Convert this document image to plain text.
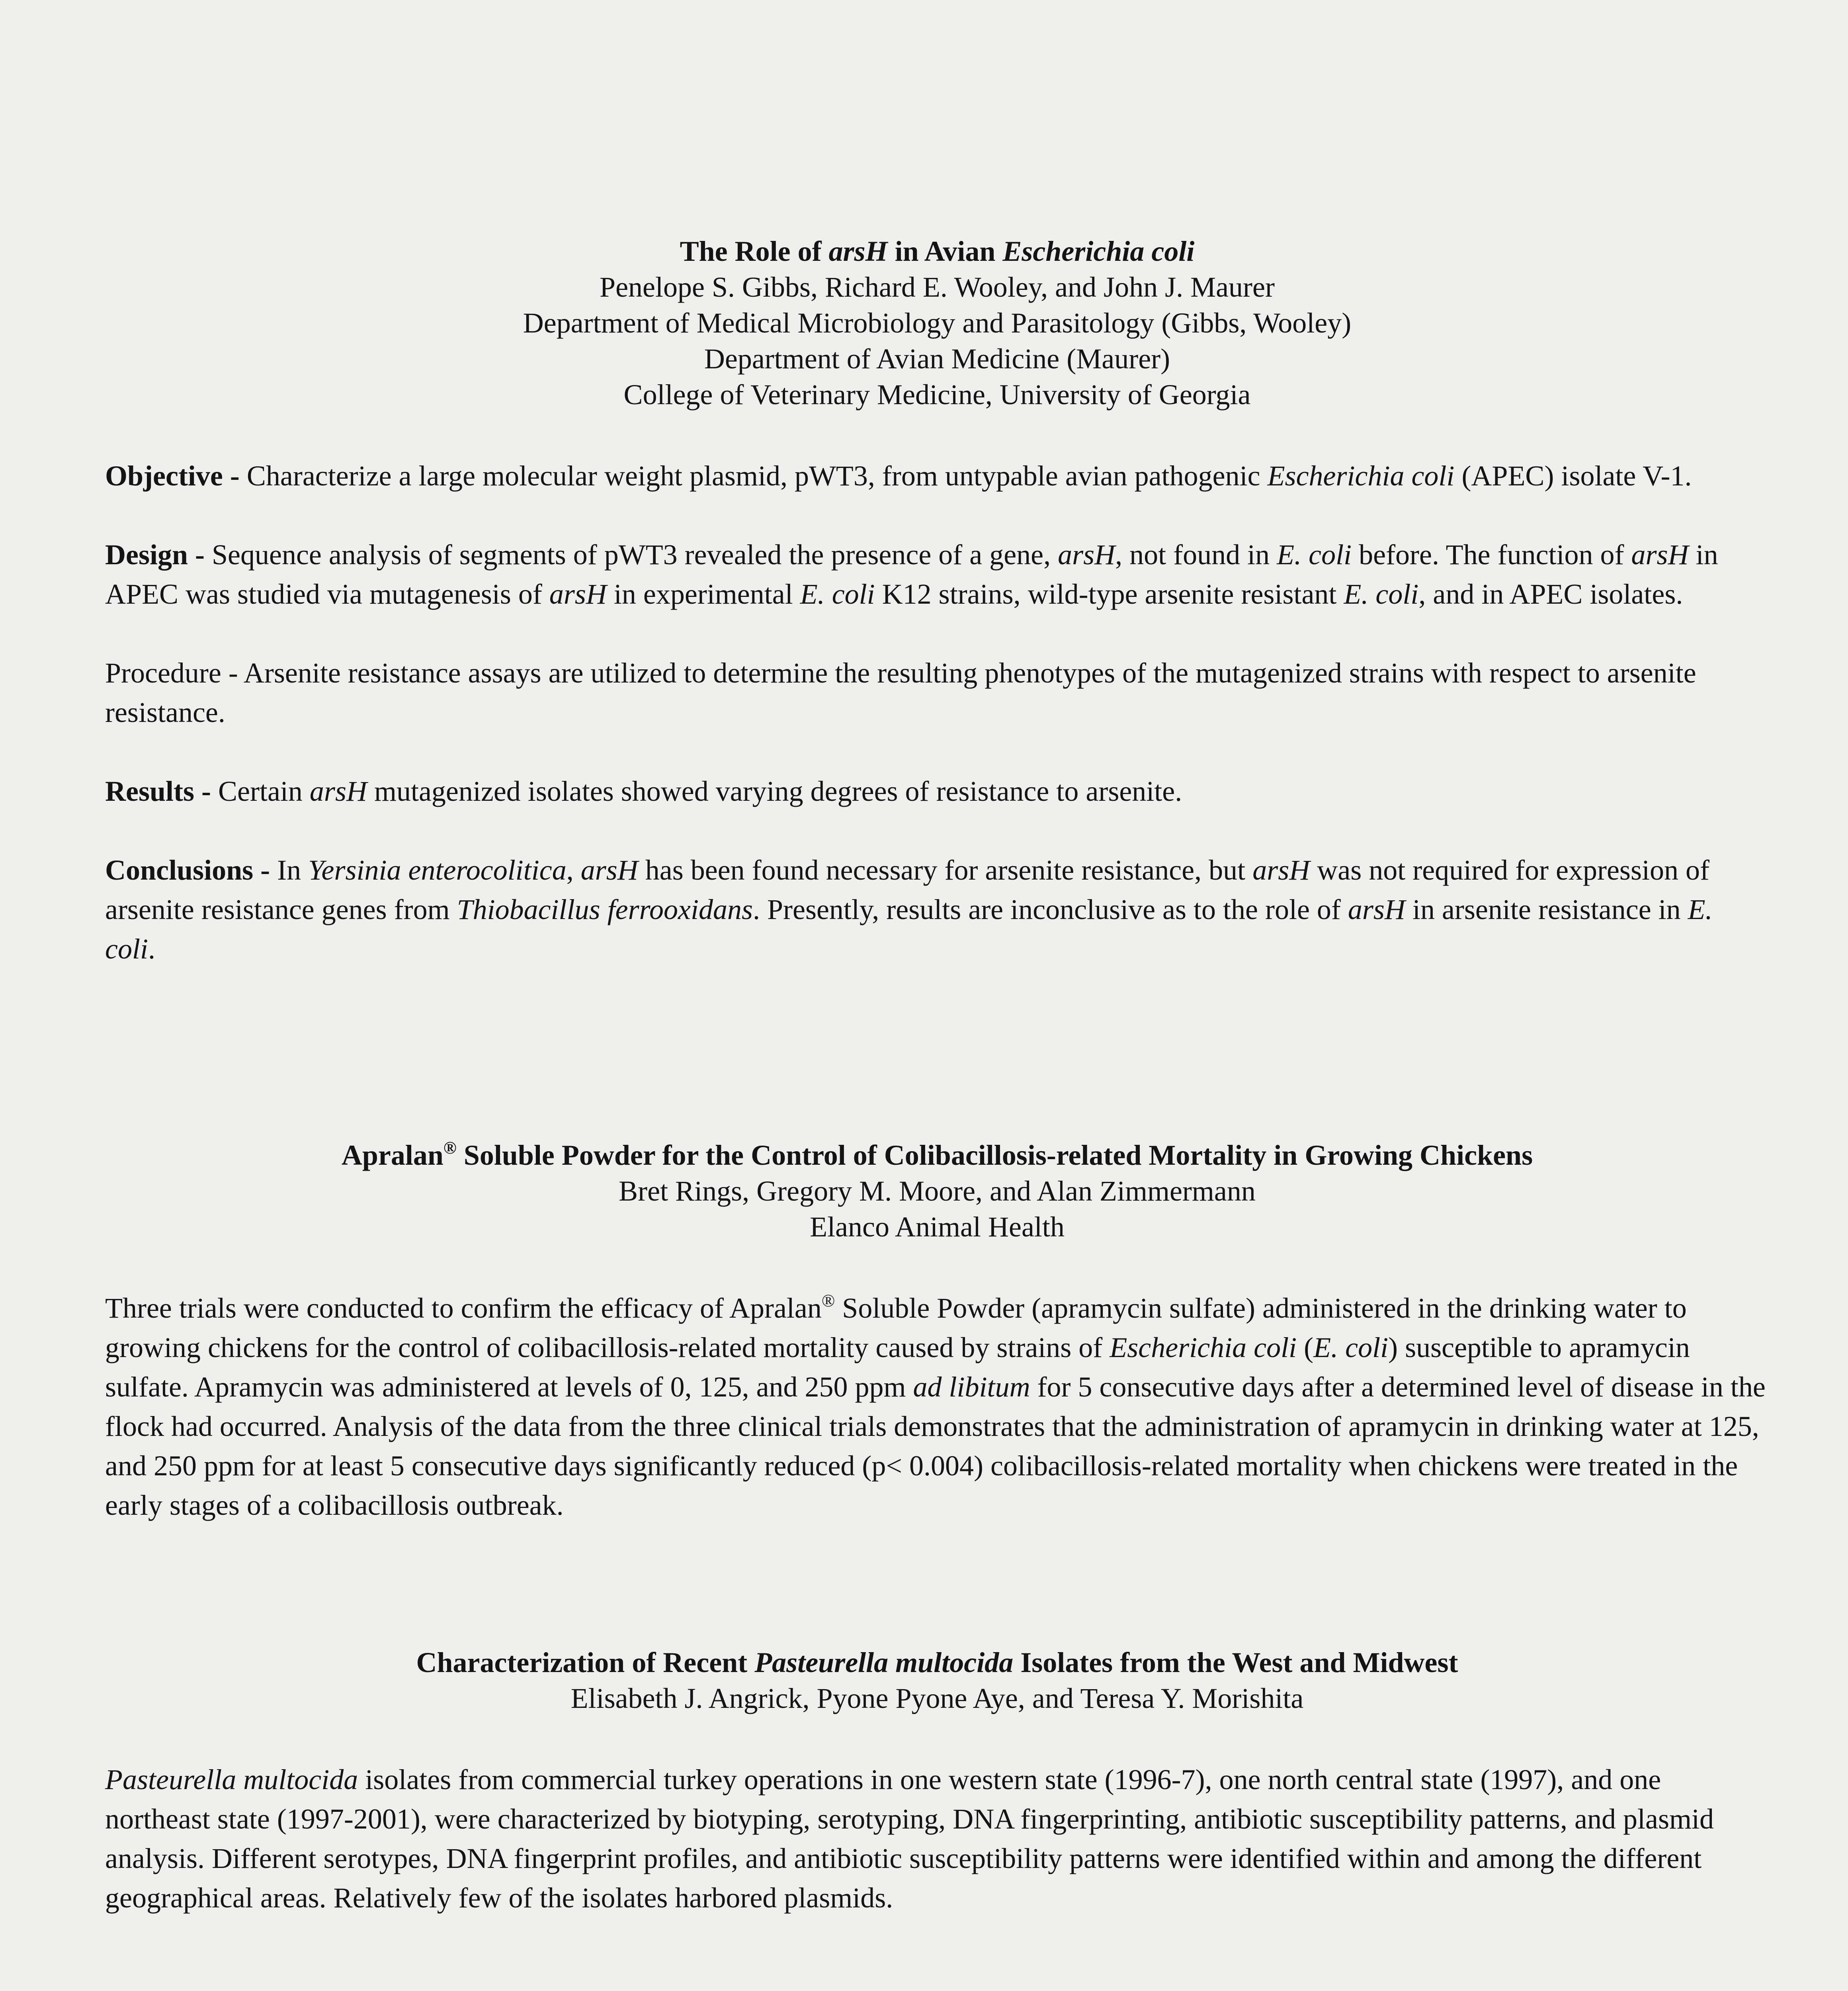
The Role of arsH in Avian Escherichia coli
Penelope S. Gibbs, Richard E. Wooley, and John J. Maurer
Department of Medical Microbiology and Parasitology (Gibbs, Wooley)
Department of Avian Medicine (Maurer)
College of Veterinary Medicine, University of Georgia

Objective - Characterize a large molecular weight plasmid, pWT3, from untypable avian pathogenic Escherichia coli (APEC) isolate V-1.

Design - Sequence analysis of segments of pWT3 revealed the presence of a gene, arsH, not found in E. coli before. The function of arsH in APEC was studied via mutagenesis of arsH in experimental E. coli K12 strains, wild-type arsenite resistant E. coli, and in APEC isolates.

Procedure - Arsenite resistance assays are utilized to determine the resulting phenotypes of the mutagenized strains with respect to arsenite resistance.

Results - Certain arsH mutagenized isolates showed varying degrees of resistance to arsenite.

Conclusions - In Yersinia enterocolitica, arsH has been found necessary for arsenite resistance, but arsH was not required for expression of arsenite resistance genes from Thiobacillus ferrooxidans. Presently, results are inconclusive as to the role of arsH in arsenite resistance in E. coli.

Apralan® Soluble Powder for the Control of Colibacillosis-related Mortality in Growing Chickens
Bret Rings, Gregory M. Moore, and Alan Zimmermann
Elanco Animal Health

Three trials were conducted to confirm the efficacy of Apralan® Soluble Powder (apramycin sulfate) administered in the drinking water to growing chickens for the control of colibacillosis-related mortality caused by strains of Escherichia coli (E. coli) susceptible to apramycin sulfate. Apramycin was administered at levels of 0, 125, and 250 ppm ad libitum for 5 consecutive days after a determined level of disease in the flock had occurred. Analysis of the data from the three clinical trials demonstrates that the administration of apramycin in drinking water at 125, and 250 ppm for at least 5 consecutive days significantly reduced (p< 0.004) colibacillosis-related mortality when chickens were treated in the early stages of a colibacillosis outbreak.

Characterization of Recent Pasteurella multocida Isolates from the West and Midwest
Elisabeth J. Angrick, Pyone Pyone Aye, and Teresa Y. Morishita

Pasteurella multocida isolates from commercial turkey operations in one western state (1996-7), one north central state (1997), and one northeast state (1997-2001), were characterized by biotyping, serotyping, DNA fingerprinting, antibiotic susceptibility patterns, and plasmid analysis. Different serotypes, DNA fingerprint profiles, and antibiotic susceptibility patterns were identified within and among the different geographical areas. Relatively few of the isolates harbored plasmids.
